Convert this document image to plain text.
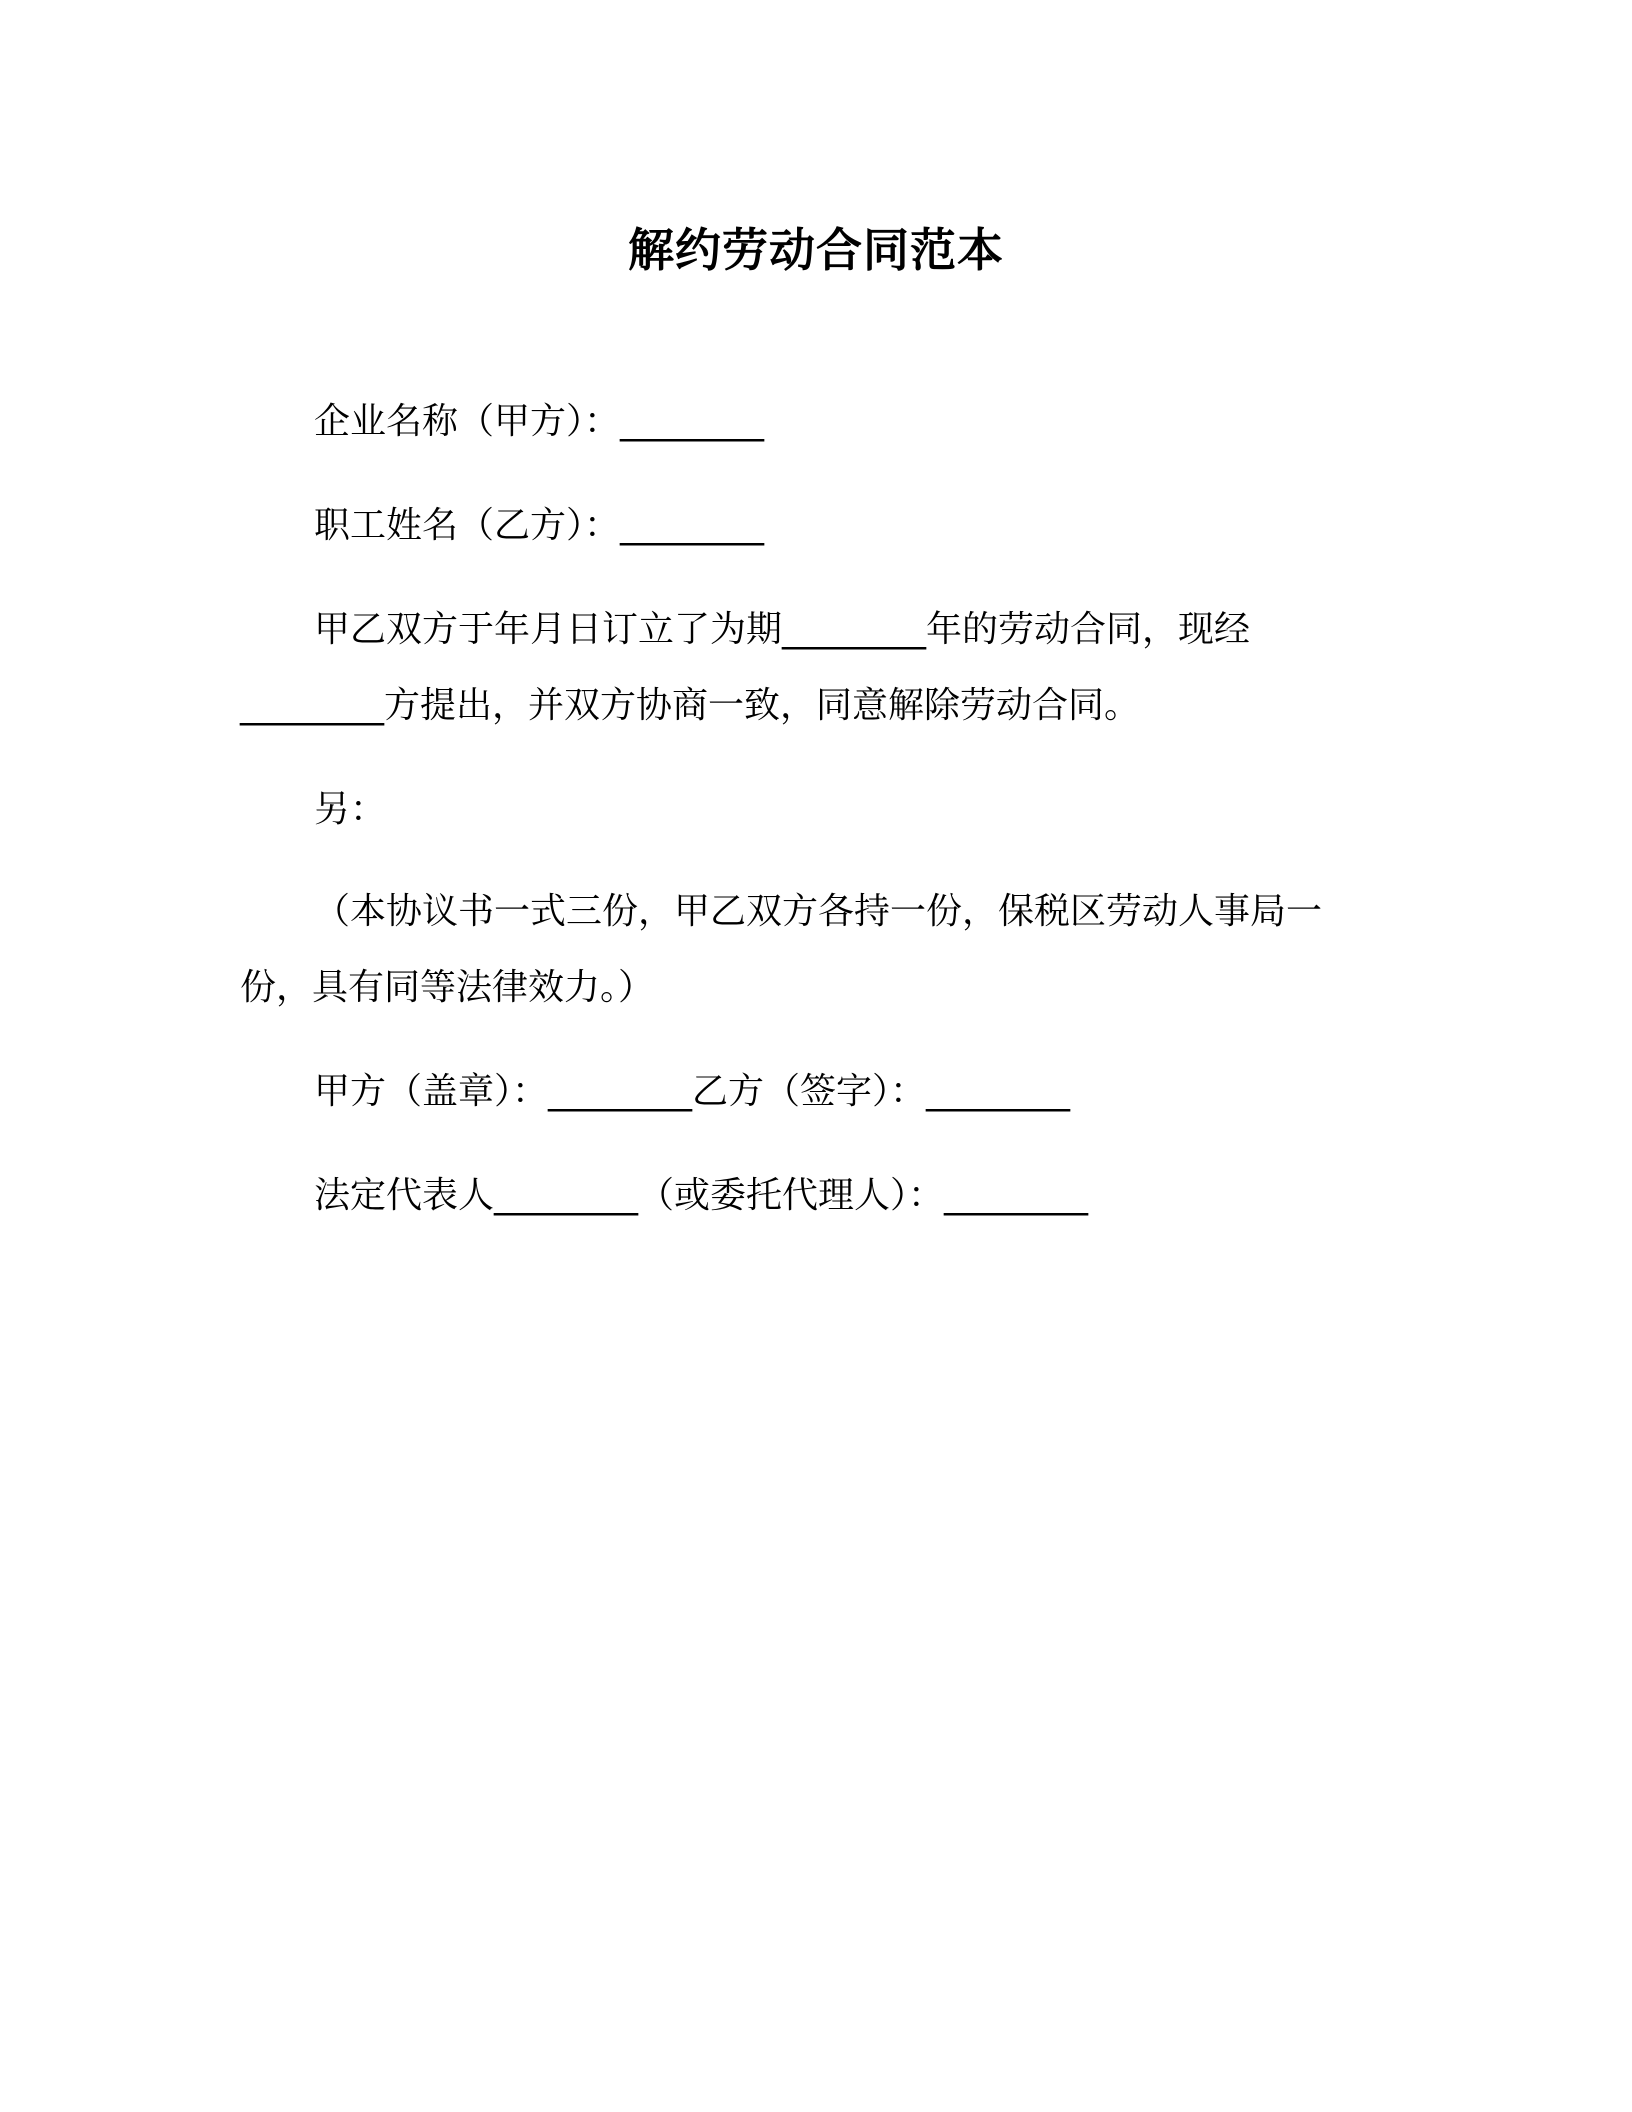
解约劳动合同范本
企业名称（甲方）：________
职工姓名（乙方）：________
甲乙双方于年月日订立了为期________年的劳动合同，现经
________方提出，并双方协商一致，同意解除劳动合同。
另：
（本协议书一式三份，甲乙双方各持一份，保税区劳动人事局一
份，具有同等法律效力。）
甲方（盖章）：________乙方（签字）：________
法定代表人________（或委托代理人）：________
